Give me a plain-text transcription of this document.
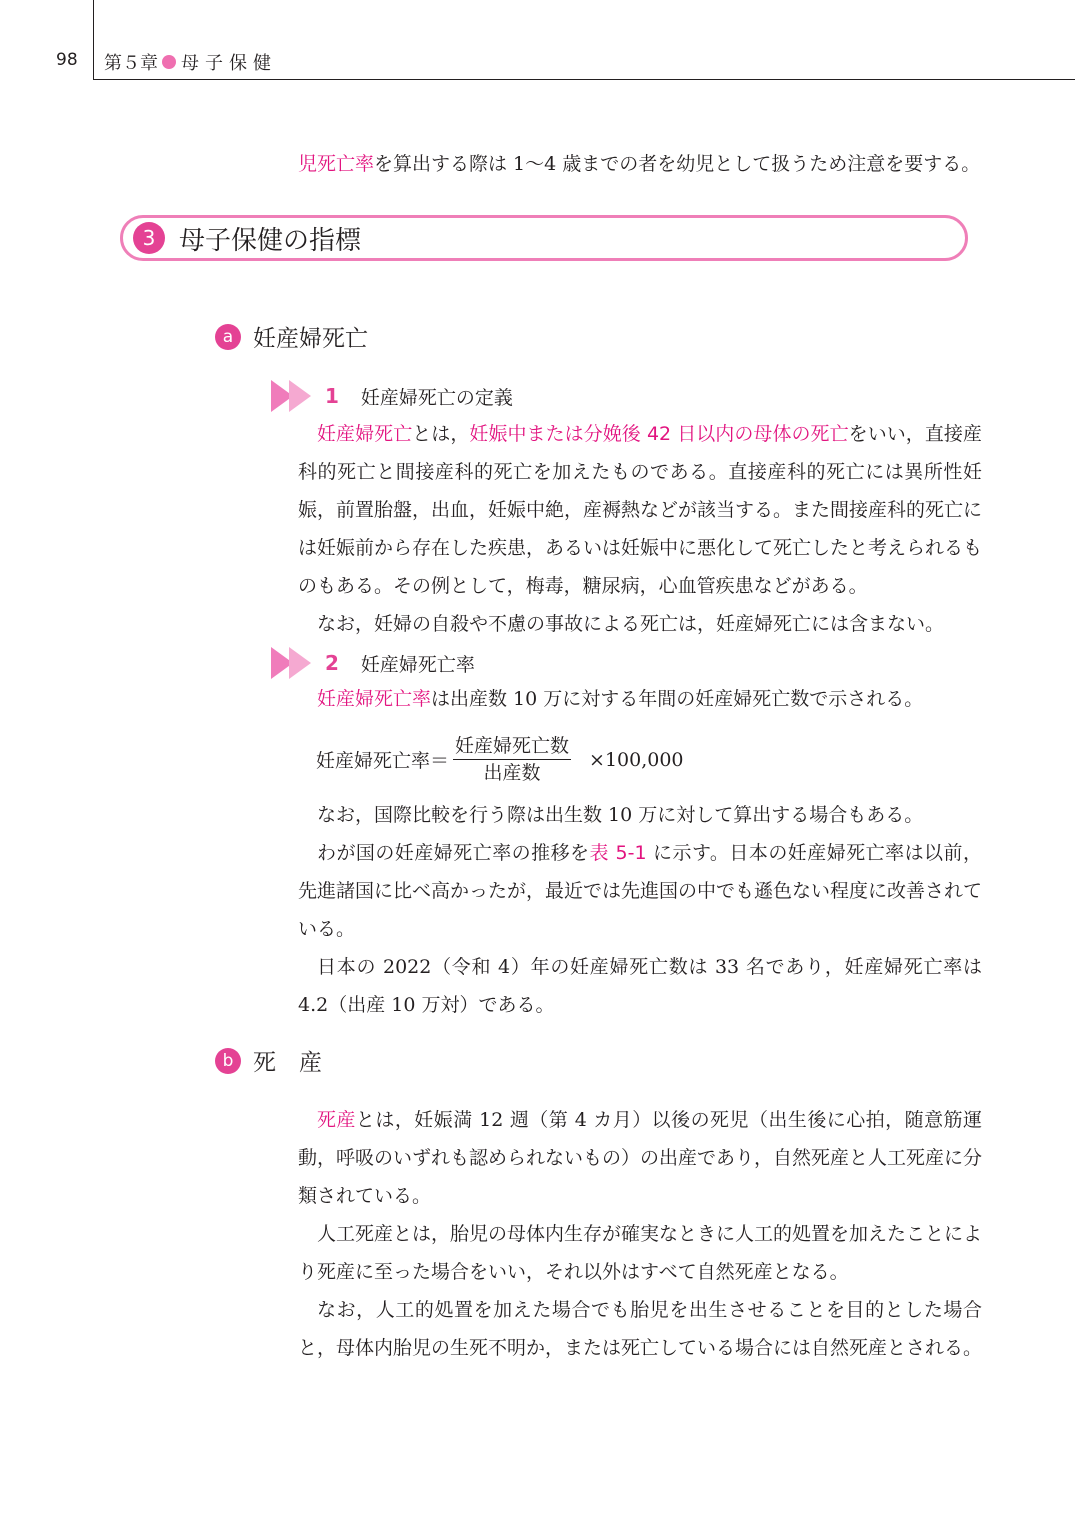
98 第５章 母子保健

児死亡率を算出する際は 1～4 歳までの者を幼児として扱うため注意を要する。

3 母子保健の指標
a 妊産婦死亡
1 妊産婦死亡の定義

妊産婦死亡とは，妊娠中または分娩後 42 日以内の母体の死亡をいい，直接産科的死亡と間接産科的死亡を加えたものである。直接産科的死亡には異所性妊娠，前置胎盤，出血，妊娠中絶，産褥熱などが該当する。また間接産科的死亡には妊娠前から存在した疾患，あるいは妊娠中に悪化して死亡したと考えられるものもある。その例として，梅毒，糖尿病，心血管疾患などがある。

なお，妊婦の自殺や不慮の事故による死亡は，妊産婦死亡には含まない。

2 妊産婦死亡率

妊産婦死亡率は出産数 10 万に対する年間の妊産婦死亡数で示される。

妊産婦死亡率＝ $\frac{\text{妊産婦死亡数}}{\text{出産数}} \times 100,000$

なお，国際比較を行う際は出生数 10 万に対して算出する場合もある。

わが国の妊産婦死亡率の推移を表 5-1 に示す。日本の妊産婦死亡率は以前，先進諸国に比べ高かったが，最近では先進国の中でも遜色ない程度に改善されている。

日本の 2022（令和 4）年の妊産婦死亡数は 33 名であり，妊産婦死亡率は 4.2（出産 10 万対）である。

b 死　産

死産とは，妊娠満 12 週（第 4 カ月）以後の死児（出生後に心拍，随意筋運動，呼吸のいずれも認められないもの）の出産であり，自然死産と人工死産に分類されている。

人工死産とは，胎児の母体内生存が確実なときに人工的処置を加えたことにより死産に至った場合をいい，それ以外はすべて自然死産となる。

なお，人工的処置を加えた場合でも胎児を出生させることを目的とした場合と，母体内胎児の生死不明か，または死亡している場合には自然死産とされる。
